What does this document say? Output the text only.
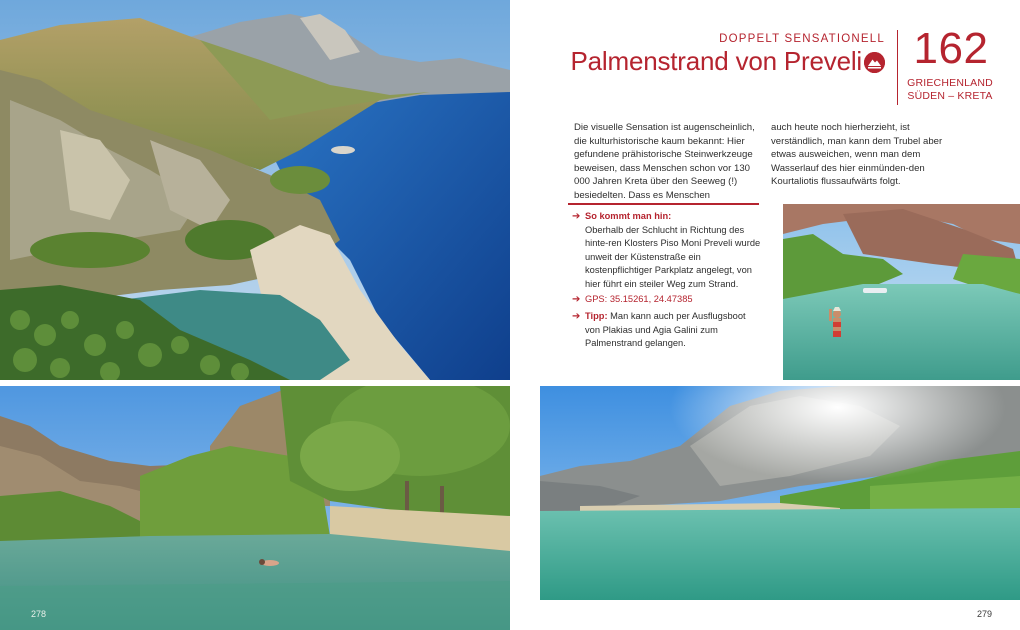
DOPPELT SENSATIONELL
Palmenstrand von Preveli 162
GRIECHENLAND
SÜDEN – KRETA
Die visuelle Sensation ist augenscheinlich, die kulturhistorische kaum bekannt: Hier gefundene prähistorische Steinwerkzeuge beweisen, dass Menschen schon vor 130 000 Jahren Kreta über den Seeweg (!) besiedelten. Dass es Menschen
auch heute noch hierherzieht, ist verständlich, man kann dem Trubel aber etwas ausweichen, wenn man dem Wasserlauf des hier einmünden-den Kourtaliotis flussaufwärts folgt.
➔ So kommt man hin:
Oberhalb der Schlucht in Richtung des hinte-ren Klosters Piso Moni Preveli wurde unweit der Küstenstraße ein kostenpflichtiger Parkplatz angelegt, von hier führt ein steiler Weg zum Strand.
➔ GPS: 35.15261, 24.47385
➔ Tipp: Man kann auch per Ausflugsboot von Plakias und Agia Galini zum Palmenstrand gelangen.
278	279
